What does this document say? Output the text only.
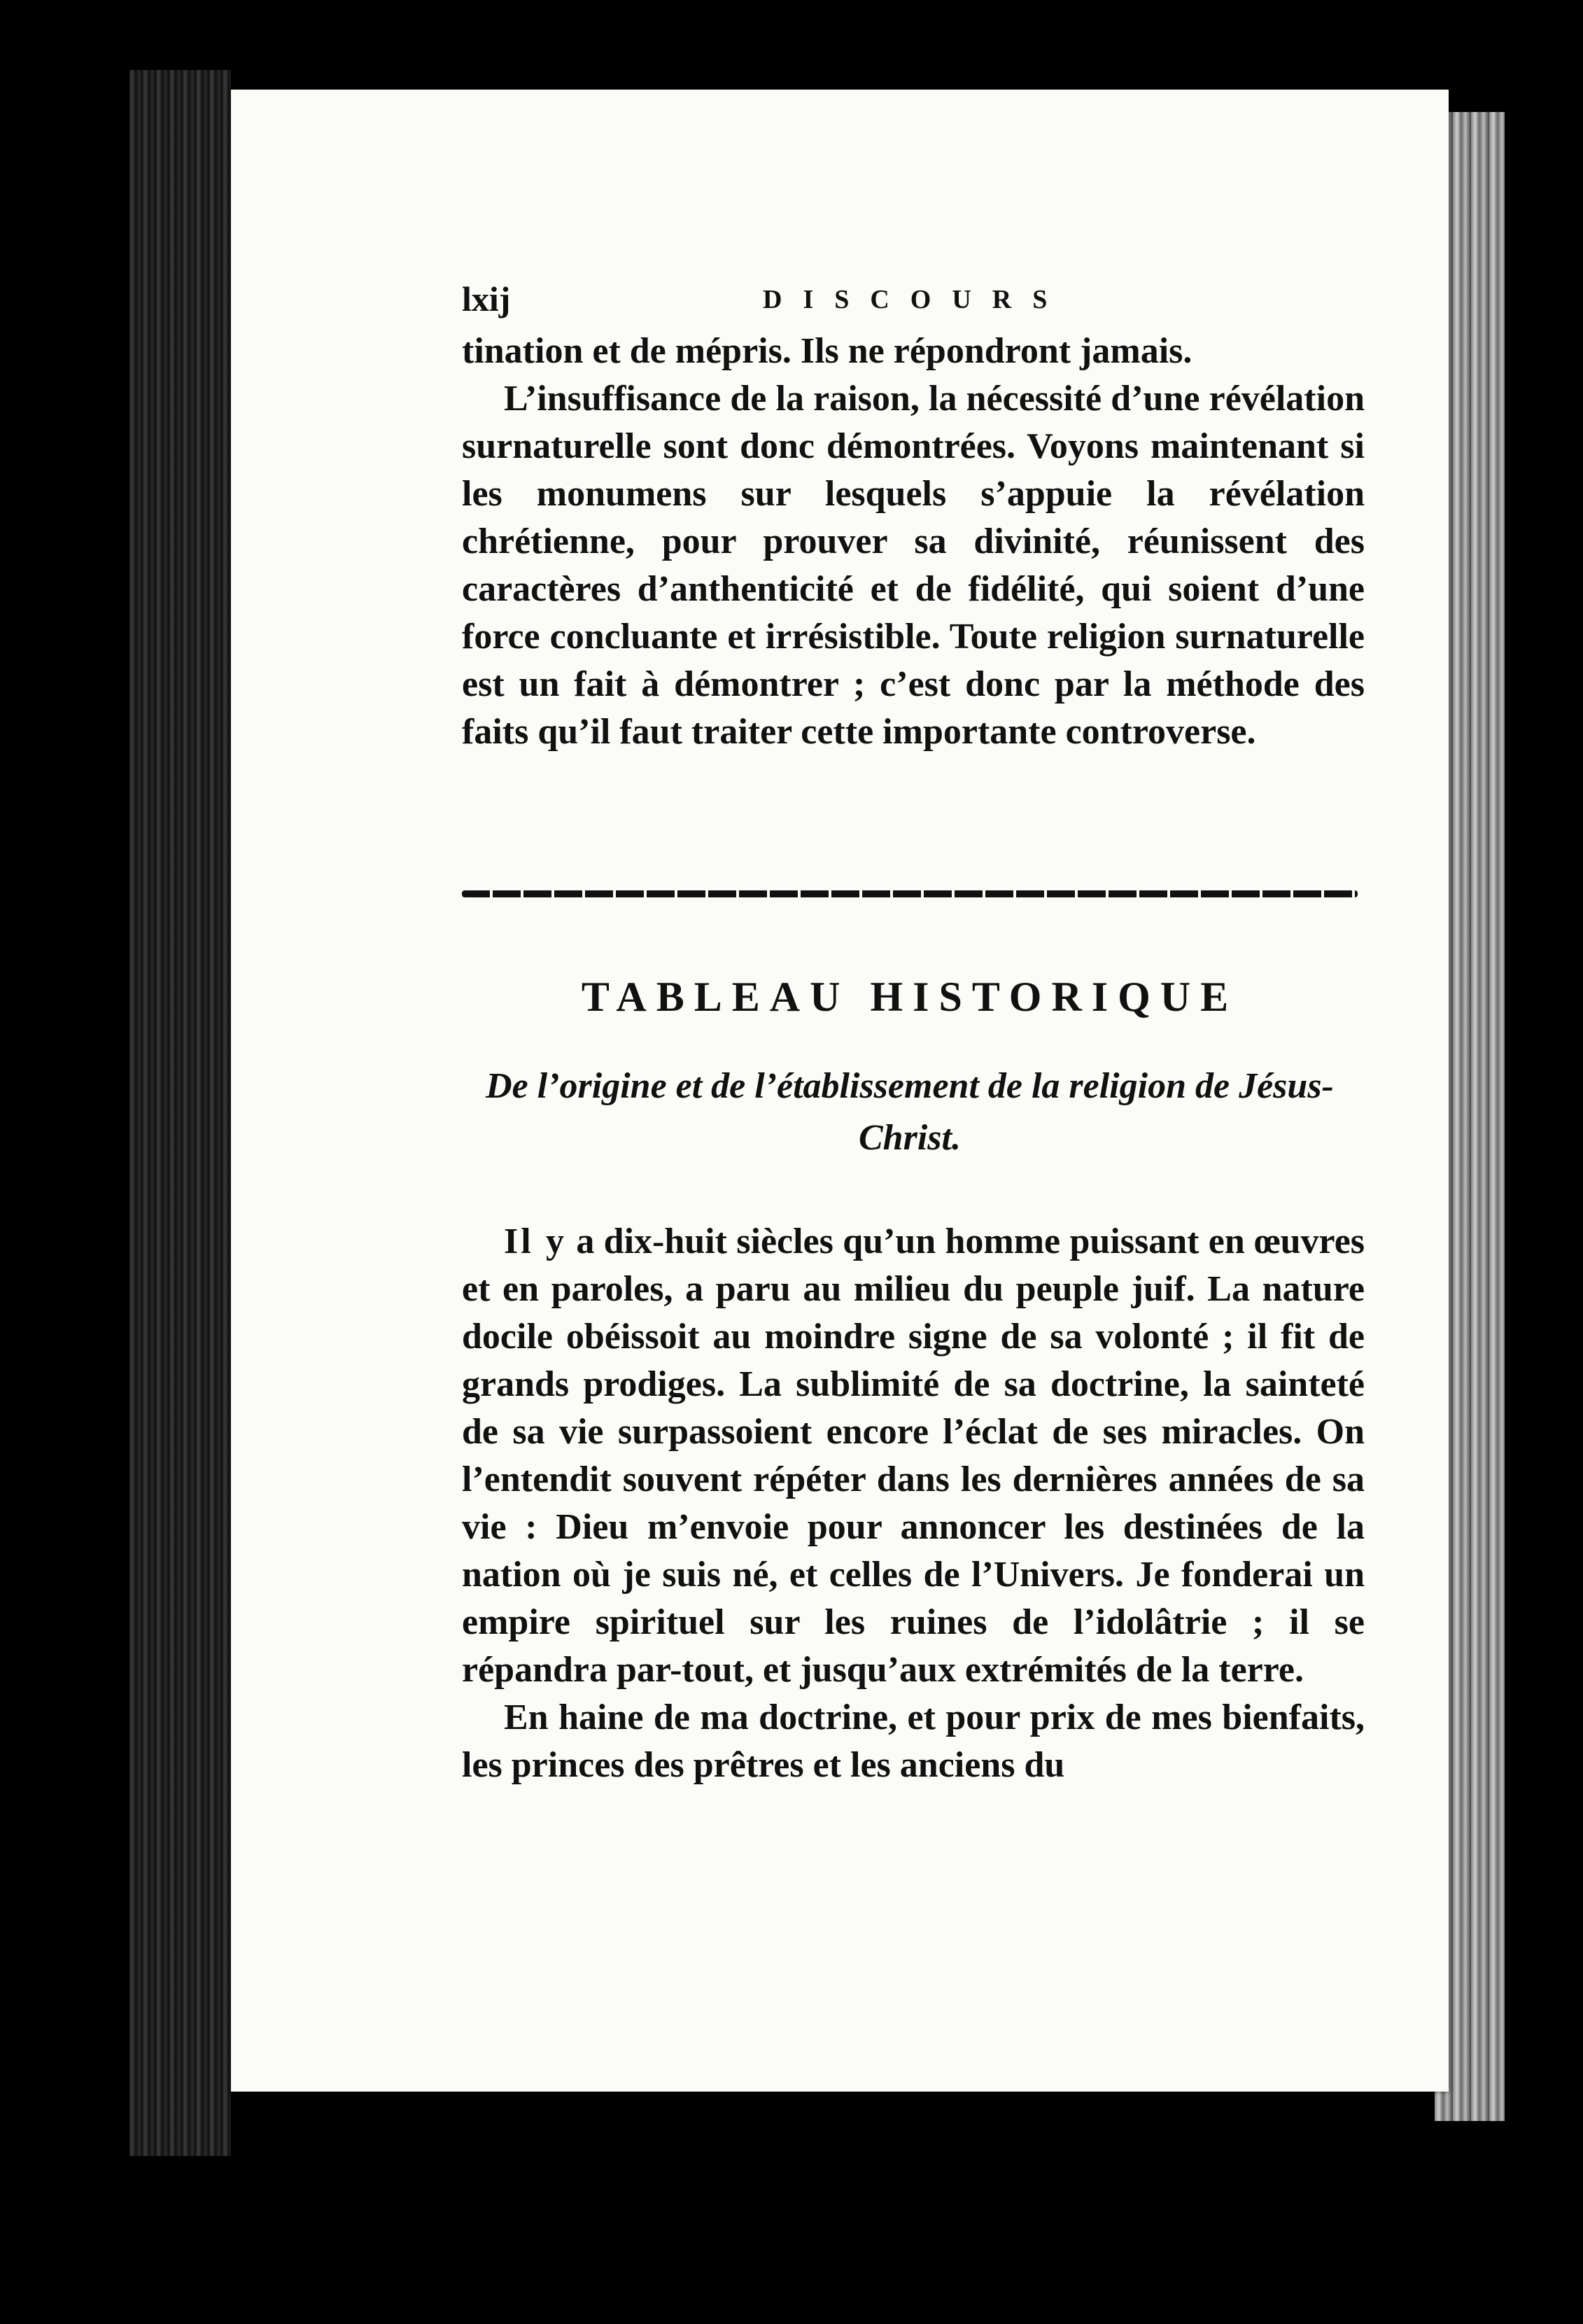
lxij	DISCOURS

tination et de mépris. Ils ne répondront jamais.

L’insuffisance de la raison, la nécessité d’une révélation surnaturelle sont donc démontrées. Voyons maintenant si les monumens sur lesquels s’appuie la révélation chrétienne, pour prouver sa divinité, réunissent des caractères d’anthenticité et de fidélité, qui soient d’une force concluante et irrésistible. Toute religion surnaturelle est un fait à démontrer ; c’est donc par la méthode des faits qu’il faut traiter cette importante controverse.

TABLEAU HISTORIQUE
De l’origine et de l’établissement de la religion de Jésus-Christ.

Il y a dix-huit siècles qu’un homme puissant en œuvres et en paroles, a paru au milieu du peuple juif. La nature docile obéissoit au moindre signe de sa volonté ; il fit de grands prodiges. La sublimité de sa doctrine, la sainteté de sa vie surpassoient encore l’éclat de ses miracles. On l’entendit souvent répéter dans les dernières années de sa vie : Dieu m’envoie pour annoncer les destinées de la nation où je suis né, et celles de l’Univers. Je fonderai un empire spirituel sur les ruines de l’idolâtrie ; il se répandra par-tout, et jusqu’aux extrémités de la terre.

En haine de ma doctrine, et pour prix de mes bienfaits, les princes des prêtres et les anciens du
